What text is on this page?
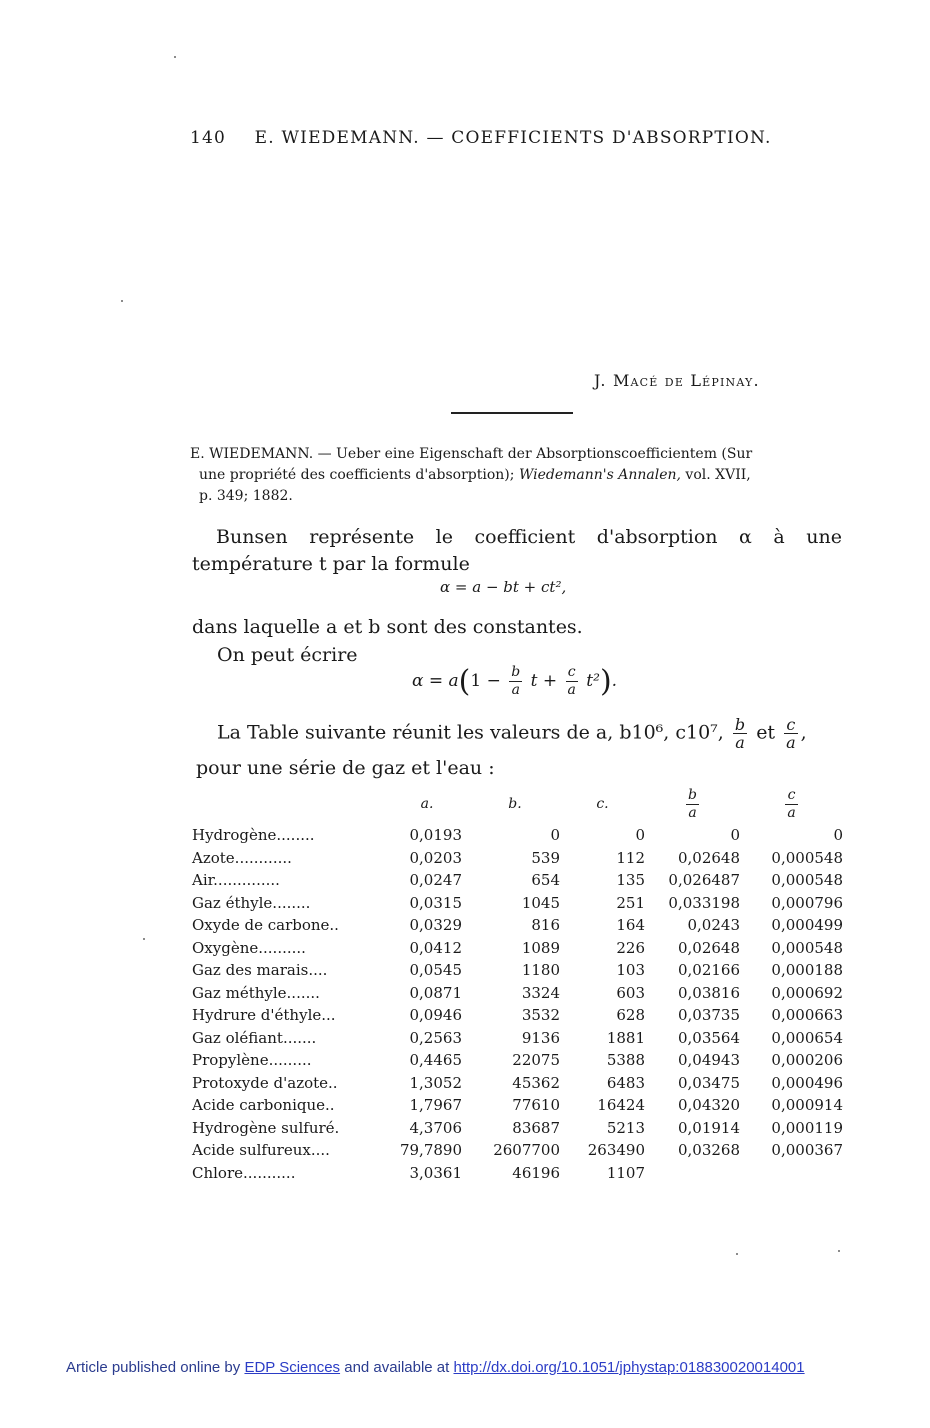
140 E. WIEDEMANN. — COEFFICIENTS D'ABSORPTION.
J. Macé de Lépinay.
E. WIEDEMANN. — Ueber eine Eigenschaft der Absorptionscoefficientem (Sur
une propriété des coefficients d'absorption); Wiedemann's Annalen, vol. XVII,
p. 349; 1882.
Bunsen représente le coefficient d'absorption α à une température t par la formule
α = a − bt + ct²,
dans laquelle a et b sont des constantes.
On peut écrire
$\alpha = a(1 - \frac{b}{a}$ $t + \frac{c}{a} t^2$).
La Table suivante réunit les valeurs de a, b10⁶, c10⁷, $\frac{b}{a}$ et $\frac{c}{a}$ ,
pour une série de gaz et l'eau :
	a.	b.	c.	$\frac{b}{a}$	$\frac{c}{a}$

Hydrogène........	0,0193	0	0	0	0
Azote............	0,0203	539	112	0,02648	0,000548
Air..............	0,0247	654	135	0,026487	0,000548
Gaz éthyle........	0,0315	1045	251	0,033198	0,000796
Oxyde de carbone..	0,0329	816	164	0,0243	0,000499
Oxygène..........	0,0412	1089	226	0,02648	0,000548
Gaz des marais....	0,0545	1180	103	0,02166	0,000188
Gaz méthyle.......	0,0871	3324	603	0,03816	0,000692
Hydrure d'éthyle...	0,0946	3532	628	0,03735	0,000663
Gaz oléfiant.......	0,2563	9136	1881	0,03564	0,000654
Propylène.........	0,4465	22075	5388	0,04943	0,000206
Protoxyde d'azote..	1,3052	45362	6483	0,03475	0,000496
Acide carbonique..	1,7967	77610	16424	0,04320	0,000914
Hydrogène sulfuré.	4,3706	83687	5213	0,01914	0,000119
Acide sulfureux....	79,7890	2607700	263490	0,03268	0,000367
Chlore...........	3,0361	46196	1107		
Article published online by EDP Sciences and available at http://dx.doi.org/10.1051/jphystap:018830020014001
